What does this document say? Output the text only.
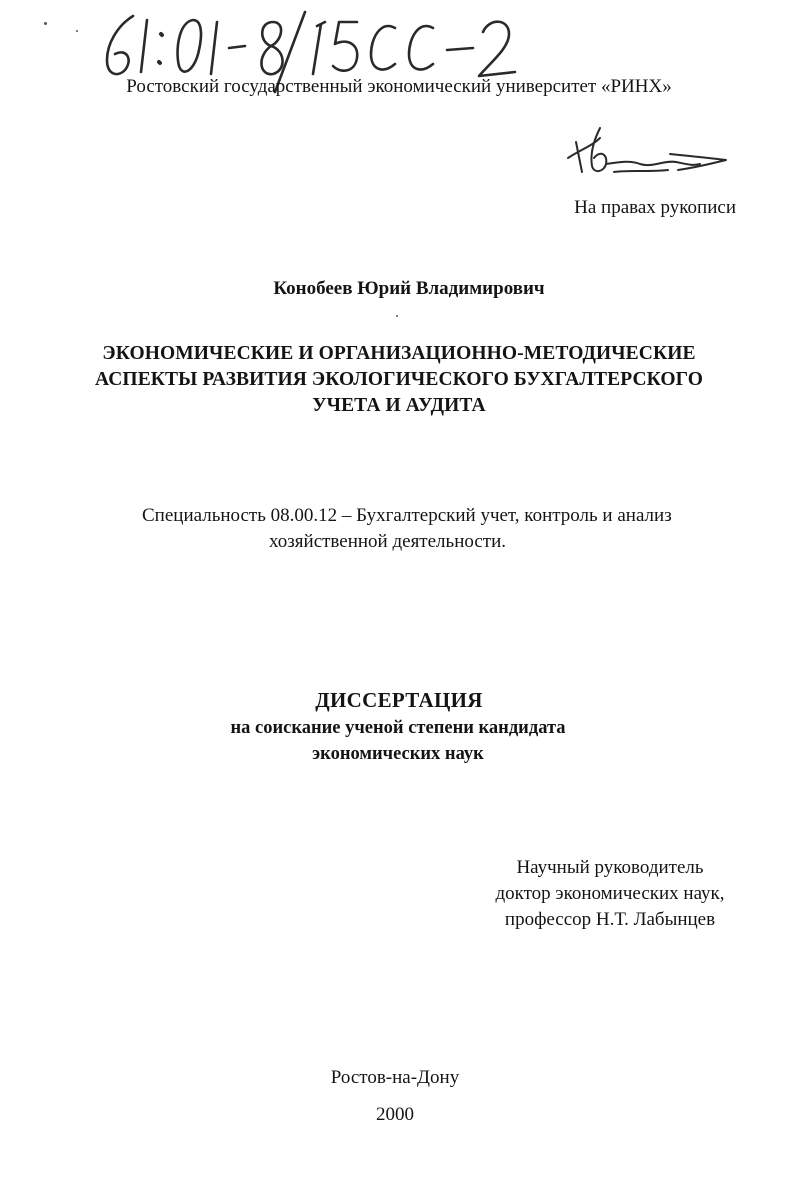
Ростовский государственный экономический университет «РИНХ»
На правах рукописи
Конобеев Юрий Владимирович
ЭКОНОМИЧЕСКИЕ И ОРГАНИЗАЦИОННО-МЕТОДИЧЕСКИЕ
АСПЕКТЫ РАЗВИТИЯ ЭКОЛОГИЧЕСКОГО БУХГАЛТЕРСКОГО
УЧЕТА И АУДИТА
Специальность 08.00.12 – Бухгалтерский учет, контроль и анализ
хозяйственной деятельности.
ДИССЕРТАЦИЯ
на соискание ученой степени кандидата
экономических наук
Научный руководитель
доктор экономических наук,
профессор Н.Т. Лабынцев
Ростов-на-Дону
2000
